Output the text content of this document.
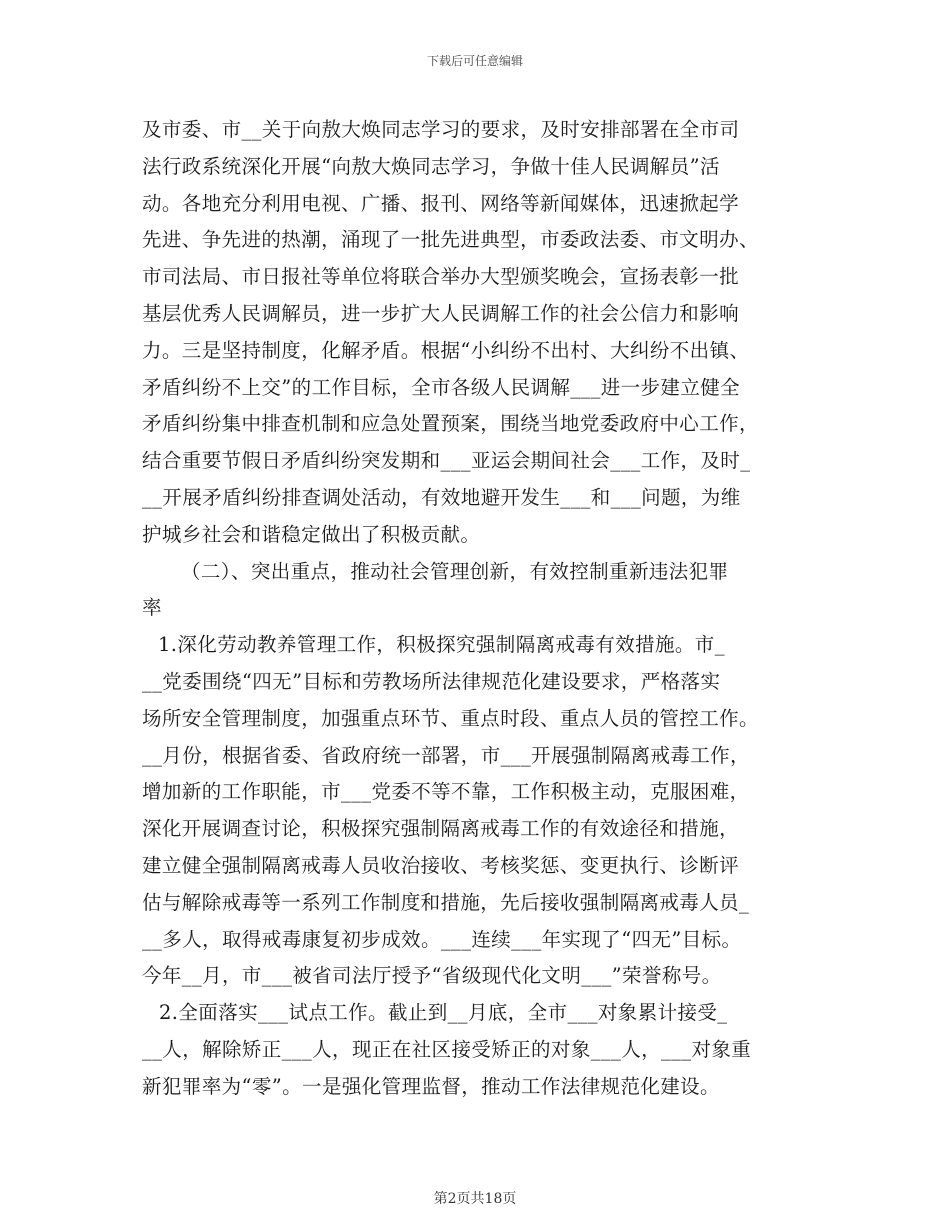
下载后可任意编辑
及市委、市__关于向敖大焕同志学习的要求，及时安排部署在全市司
法行政系统深化开展“向敖大焕同志学习，争做十佳人民调解员”活
动。各地充分利用电视、广播、报刊、网络等新闻媒体，迅速掀起学
先进、争先进的热潮，涌现了一批先进典型，市委政法委、市文明办、
市司法局、市日报社等单位将联合举办大型颁奖晚会，宣扬表彰一批
基层优秀人民调解员，进一步扩大人民调解工作的社会公信力和影响
力。三是坚持制度，化解矛盾。根据“小纠纷不出村、大纠纷不出镇、
矛盾纠纷不上交”的工作目标，全市各级人民调解___进一步建立健全
矛盾纠纷集中排查机制和应急处置预案，围绕当地党委政府中心工作，
结合重要节假日矛盾纠纷突发期和___亚运会期间社会___工作，及时_
__开展矛盾纠纷排查调处活动，有效地避开发生___和___问题，为维
护城乡社会和谐稳定做出了积极贡献。
（二）、突出重点，推动社会管理创新，有效控制重新违法犯罪
率
1.深化劳动教养管理工作，积极探究强制隔离戒毒有效措施。市_
__党委围绕“四无”目标和劳教场所法律规范化建设要求，严格落实
场所安全管理制度，加强重点环节、重点时段、重点人员的管控工作。
__月份，根据省委、省政府统一部署，市___开展强制隔离戒毒工作，
增加新的工作职能，市___党委不等不靠，工作积极主动，克服困难，
深化开展调查讨论，积极探究强制隔离戒毒工作的有效途径和措施，
建立健全强制隔离戒毒人员收治接收、考核奖惩、变更执行、诊断评
估与解除戒毒等一系列工作制度和措施，先后接收强制隔离戒毒人员_
__多人，取得戒毒康复初步成效。___连续___年实现了“四无”目标。
今年__月，市___被省司法厅授予“省级现代化文明___”荣誉称号。
2.全面落实___试点工作。截止到__月底，全市___对象累计接受_
__人，解除矫正___人，现正在社区接受矫正的对象___人，___对象重
新犯罪率为“零”。一是强化管理监督，推动工作法律规范化建设。
第2页共18页
